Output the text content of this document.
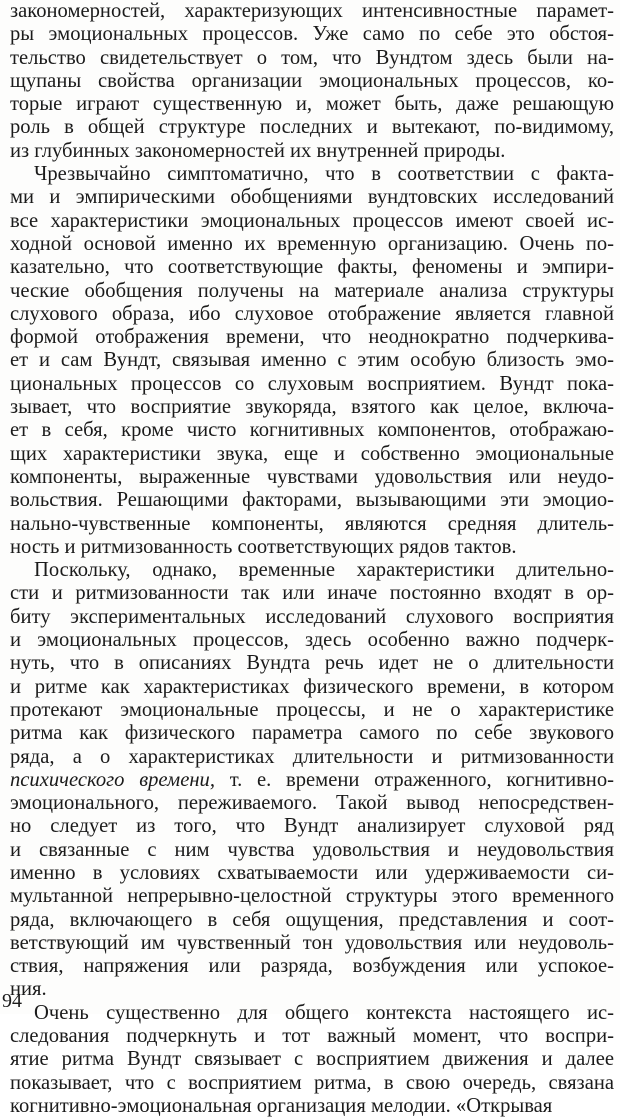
закономерностей, характеризующих интенсивностные парамет-
ры эмоциональных процессов. Уже само по себе это обстоя-
тельство свидетельствует о том, что Вундтом здесь были на-
щупаны свойства организации эмоциональных процессов, ко-
торые играют существенную и, может быть, даже решающую
роль в общей структуре последних и вытекают, по-видимому,
из глубинных закономерностей их внутренней природы.
Чрезвычайно симптоматично, что в соответствии с факта-
ми и эмпирическими обобщениями вундтовских исследований
все характеристики эмоциональных процессов имеют своей ис-
ходной основой именно их временную организацию. Очень по-
казательно, что соответствующие факты, феномены и эмпири-
ческие обобщения получены на материале анализа структуры
слухового образа, ибо слуховое отображение является главной
формой отображения времени, что неоднократно подчеркива-
ет и сам Вундт, связывая именно с этим особую близость эмо-
циональных процессов со слуховым восприятием. Вундт пока-
зывает, что восприятие звукоряда, взятого как целое, включа-
ет в себя, кроме чисто когнитивных компонентов, отображаю-
щих характеристики звука, еще и собственно эмоциональные
компоненты, выраженные чувствами удовольствия или неудо-
вольствия. Решающими факторами, вызывающими эти эмоцио-
нально-чувственные компоненты, являются средняя длитель-
ность и ритмизованность соответствующих рядов тактов.
Поскольку, однако, временные характеристики длительно-
сти и ритмизованности так или иначе постоянно входят в ор-
биту экспериментальных исследований слухового восприятия
и эмоциональных процессов, здесь особенно важно подчерк-
нуть, что в описаниях Вундта речь идет не о длительности
и ритме как характеристиках физического времени, в котором
протекают эмоциональные процессы, и не о характеристике
ритма как физического параметра самого по себе звукового
ряда, а о характеристиках длительности и ритмизованности
психического времени, т. е. времени отраженного, когнитивно-
эмоционального, переживаемого. Такой вывод непосредствен-
но следует из того, что Вундт анализирует слуховой ряд
и связанные с ним чувства удовольствия и неудовольствия
именно в условиях схватываемости или удерживаемости си-
мультанной непрерывно-целостной структуры этого временного
ряда, включающего в себя ощущения, представления и соот-
ветствующий им чувственный тон удовольствия или неудоволь-
ствия, напряжения или разряда, возбуждения или успокое-
ния.
Очень существенно для общего контекста настоящего ис-
следования подчеркнуть и тот важный момент, что воспри-
ятие ритма Вундт связывает с восприятием движения и далее
показывает, что с восприятием ритма, в свою очередь, связана
когнитивно-эмоциональная организация мелодии. «Открывая
94
